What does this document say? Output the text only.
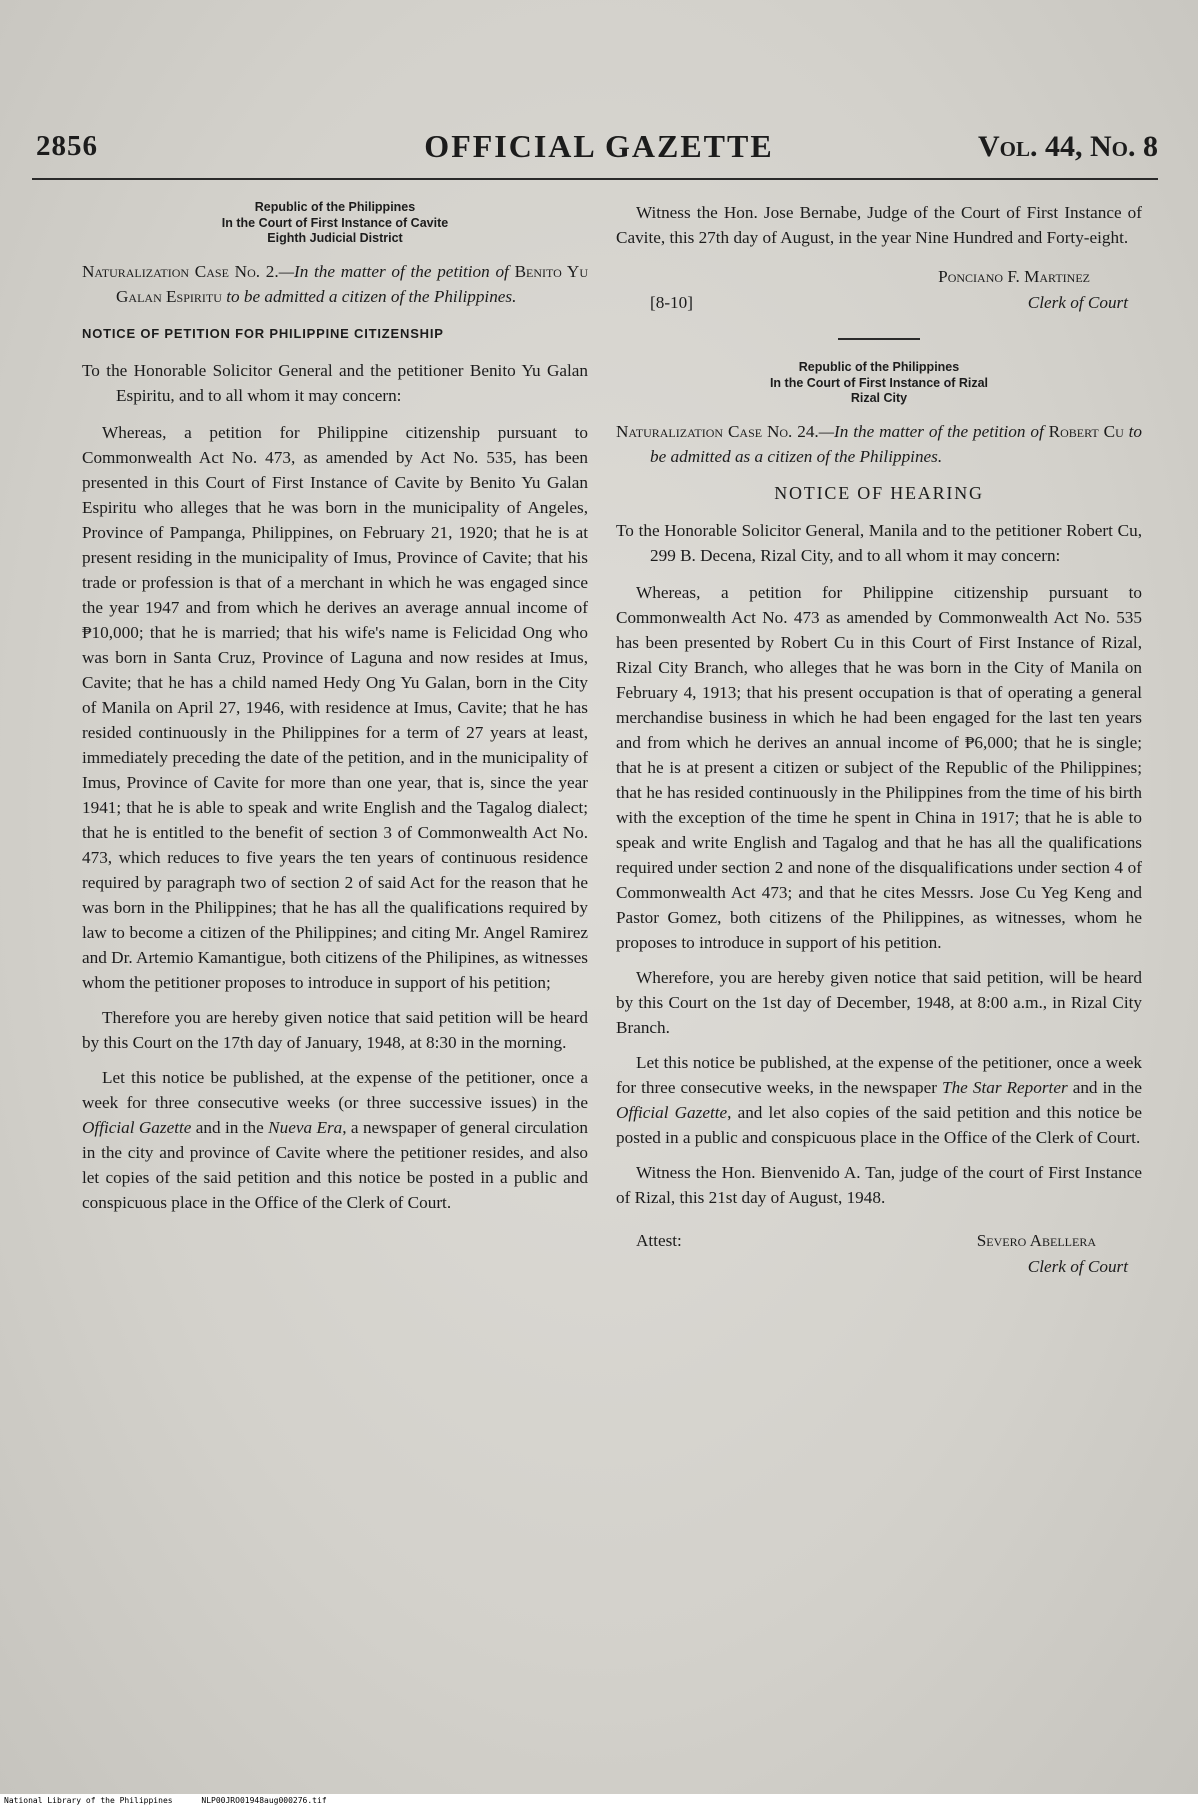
2856	OFFICIAL GAZETTE	Vol. 44, No. 8
Republic of the Philippines
In the Court of First Instance of Cavite
Eighth Judicial District

Naturalization Case No. 2.—In the matter of the petition of Benito Yu Galan Espiritu to be admitted a citizen of the Philippines.

NOTICE OF PETITION FOR PHILIPPINE CITIZENSHIP

To the Honorable Solicitor General and the petitioner Benito Yu Galan Espiritu, and to all whom it may concern:

Whereas, a petition for Philippine citizenship pursuant to Commonwealth Act No. 473, as amended by Act No. 535, has been presented in this Court of First Instance of Cavite by Benito Yu Galan Espiritu who alleges that he was born in the municipality of Angeles, Province of Pampanga, Philippines, on February 21, 1920; that he is at present residing in the municipality of Imus, Province of Cavite; that his trade or profession is that of a merchant in which he was engaged since the year 1947 and from which he derives an average annual income of ₱10,000; that he is married; that his wife's name is Felicidad Ong who was born in Santa Cruz, Province of Laguna and now resides at Imus, Cavite; that he has a child named Hedy Ong Yu Galan, born in the City of Manila on April 27, 1946, with residence at Imus, Cavite; that he has resided continuously in the Philippines for a term of 27 years at least, immediately preceding the date of the petition, and in the municipality of Imus, Province of Cavite for more than one year, that is, since the year 1941; that he is able to speak and write English and the Tagalog dialect; that he is entitled to the benefit of section 3 of Commonwealth Act No. 473, which reduces to five years the ten years of continuous residence required by paragraph two of section 2 of said Act for the reason that he was born in the Philippines; that he has all the qualifications required by law to become a citizen of the Philippines; and citing Mr. Angel Ramirez and Dr. Artemio Kamantigue, both citizens of the Philipines, as witnesses whom the petitioner proposes to introduce in support of his petition;

Therefore you are hereby given notice that said petition will be heard by this Court on the 17th day of January, 1948, at 8:30 in the morning.

Let this notice be published, at the expense of the petitioner, once a week for three consecutive weeks (or three successive issues) in the Official Gazette and in the Nueva Era, a newspaper of general circulation in the city and province of Cavite where the petitioner resides, and also let copies of the said petition and this notice be posted in a public and conspicuous place in the Office of the Clerk of Court.

Witness the Hon. Jose Bernabe, Judge of the Court of First Instance of Cavite, this 27th day of August, in the year Nine Hundred and Forty-eight.

Ponciano F. Martinez
[8-10]	Clerk of Court
Republic of the Philippines
In the Court of First Instance of Rizal
Rizal City

Naturalization Case No. 24.—In the matter of the petition of Robert Cu to be admitted as a citizen of the Philippines.

NOTICE OF HEARING

To the Honorable Solicitor General, Manila and to the petitioner Robert Cu, 299 B. Decena, Rizal City, and to all whom it may concern:

Whereas, a petition for Philippine citizenship pursuant to Commonwealth Act No. 473 as amended by Commonwealth Act No. 535 has been presented by Robert Cu in this Court of First Instance of Rizal, Rizal City Branch, who alleges that he was born in the City of Manila on February 4, 1913; that his present occupation is that of operating a general merchandise business in which he had been engaged for the last ten years and from which he derives an annual income of ₱6,000; that he is single; that he is at present a citizen or subject of the Republic of the Philippines; that he has resided continuously in the Philippines from the time of his birth with the exception of the time he spent in China in 1917; that he is able to speak and write English and Tagalog and that he has all the qualifications required under section 2 and none of the disqualifications under section 4 of Commonwealth Act 473; and that he cites Messrs. Jose Cu Yeg Keng and Pastor Gomez, both citizens of the Philippines, as witnesses, whom he proposes to introduce in support of his petition.

Wherefore, you are hereby given notice that said petition, will be heard by this Court on the 1st day of December, 1948, at 8:00 a.m., in Rizal City Branch.

Let this notice be published, at the expense of the petitioner, once a week for three consecutive weeks, in the newspaper The Star Reporter and in the Official Gazette, and let also copies of the said petition and this notice be posted in a public and conspicuous place in the Office of the Clerk of Court.

Witness the Hon. Bienvenido A. Tan, judge of the court of First Instance of Rizal, this 21st day of August, 1948.

Attest:	Severo Abellera
Clerk of Court
National Library of the Philippines	NLP00JRO01948aug000276.tif
